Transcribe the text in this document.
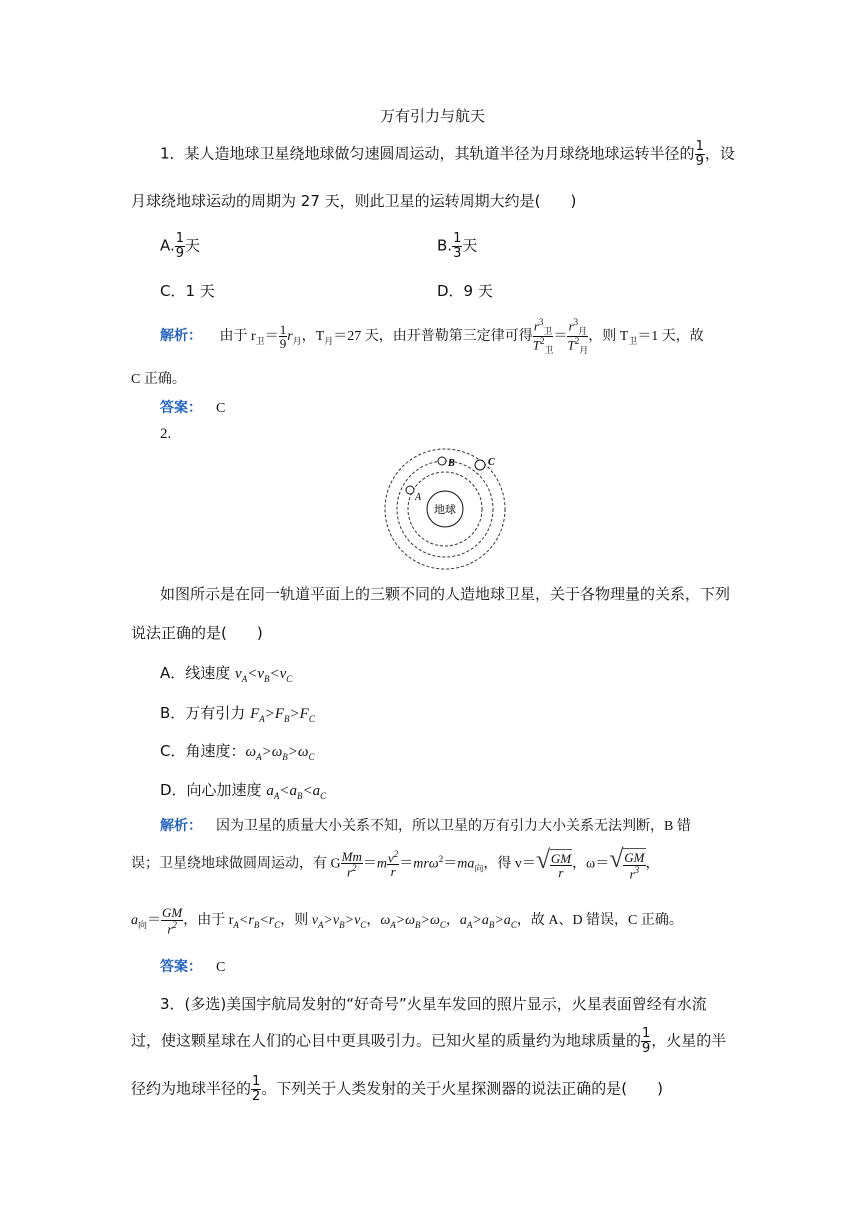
万有引力与航天
1．某人造地球卫星绕地球做匀速圆周运动，其轨道半径为月球绕地球运转半径的 $\frac{1}{9}$ ，设
月球绕地球运动的周期为 27 天，则此卫星的运转周期大约是(　　)
A. $\frac{1}{9}$ 天	B. $\frac{1}{3}$ 天
C．1 天	D．9 天
解析： 由于 $r_卫= \frac{1}{9} r_月$，$T_月=27$ 天，由开普勒第三定律可得 $\frac{r^3_卫}{T^2_卫} = \frac{r^3_月}{T^2_月}$ ，则 $T_卫=1$ 天，故
C 正确。
答案： C
2.
地球
A
B	C
如图所示是在同一轨道平面上的三颗不同的人造地球卫星，关于各物理量的关系，下列
说法正确的是(　　)
A．线速度 $v_A<v_B<v_C$
B．万有引力 $F_A>F_B>F_C$
C．角速度：$\omega_A>\omega_B>\omega_C$
D．向心加速度 $a_A<a_B<a_C$
解析： 因为卫星的质量大小关系不知，所以卫星的万有引力大小关系无法判断，B 错
误；卫星绕地球做圆周运动，有 G $\frac{Mm}{r^2} =m \frac{v^2}{r} =mr\omega^2=ma_向$，得 v＝ √ $\frac{GM}{r}$ ，ω＝ √ $\frac{GM}{r^3}$ ，
$a_向= \frac{GM}{r^2}$ ，由于 $r_A<r_B<r_C$，则 $v_A>v_B>v_C$，$\omega_A>\omega_B>\omega_C$，$a_A>a_B>a_C$，故 A、D 错误，C 正确。
答案： C
3．(多选)美国宇航局发射的“好奇号”火星车发回的照片显示，火星表面曾经有水流
过，使这颗星球在人们的心目中更具吸引力。已知火星的质量约为地球质量的 $\frac{1}{9}$ ，火星的半
径约为地球半径的 $\frac{1}{2}$ 。下列关于人类发射的关于火星探测器的说法正确的是(　　)
